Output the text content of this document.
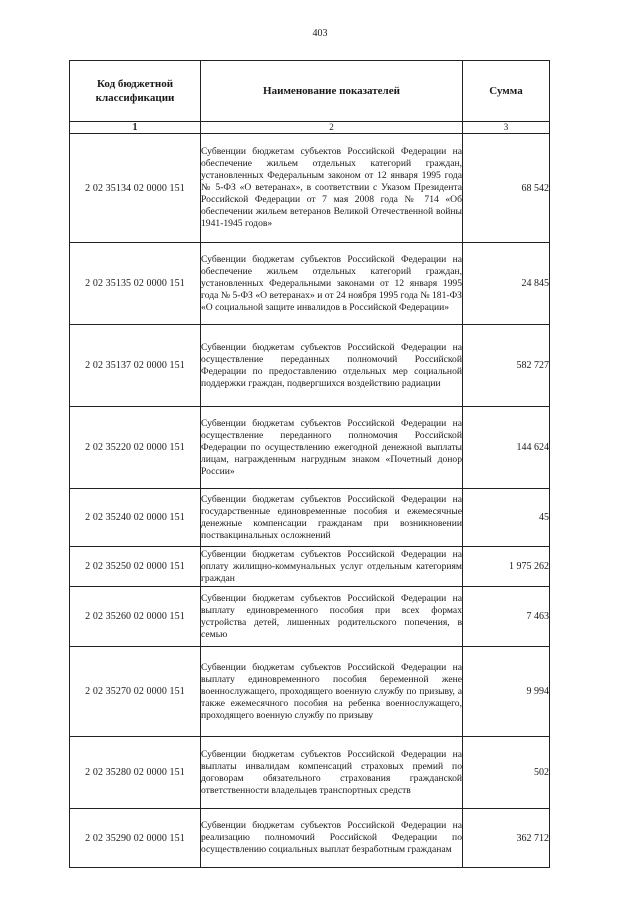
403
Код бюджетной классификации	Наименование показателей	Сумма
1	2	3
2 02 35134 02 0000 151	Субвенции бюджетам субъектов Российской Федерации на обеспечение жильем отдельных категорий граждан, установленных Федеральным законом от 12 января 1995 года № 5-ФЗ «О ветеранах», в соответствии с Указом Президента Российской Федерации от 7 мая 2008 года № 714 «Об обеспечении жильем ветеранов Великой Отечественной войны 1941-1945 годов»	68 542
2 02 35135 02 0000 151	Субвенции бюджетам субъектов Российской Федерации на обеспечение жильем отдельных категорий граждан, установленных Федеральными законами от 12 января 1995 года № 5-ФЗ «О ветеранах» и от 24 ноября 1995 года № 181-ФЗ «О социальной защите инвалидов в Российской Федерации»	24 845
2 02 35137 02 0000 151	Субвенции бюджетам субъектов Российской Федерации на осуществление переданных полномочий Российской Федерации по предоставлению отдельных мер социальной поддержки граждан, подвергшихся воздействию радиации	582 727
2 02 35220 02 0000 151	Субвенции бюджетам субъектов Российской Федерации на осуществление переданного полномочия Российской Федерации по осуществлению ежегодной денежной выплаты лицам, награжденным нагрудным знаком «Почетный донор России»	144 624
2 02 35240 02 0000 151	Субвенции бюджетам субъектов Российской Федерации на государственные единовременные пособия и ежемесячные денежные компенсации гражданам при возникновении поствакцинальных осложнений	45
2 02 35250 02 0000 151	Субвенции бюджетам субъектов Российской Федерации на оплату жилищно-коммунальных услуг отдельным категориям граждан	1 975 262
2 02 35260 02 0000 151	Субвенции бюджетам субъектов Российской Федерации на выплату единовременного пособия при всех формах устройства детей, лишенных родительского попечения, в семью	7 463
2 02 35270 02 0000 151	Субвенции бюджетам субъектов Российской Федерации на выплату единовременного пособия беременной жене военнослужащего, проходящего военную службу по призыву, а также ежемесячного пособия на ребенка военнослужащего, проходящего военную службу по призыву	9 994
2 02 35280 02 0000 151	Субвенции бюджетам субъектов Российской Федерации на выплаты инвалидам компенсаций страховых премий по договорам обязательного страхования гражданской ответственности владельцев транспортных средств	502
2 02 35290 02 0000 151	Субвенции бюджетам субъектов Российской Федерации на реализацию полномочий Российской Федерации по осуществлению социальных выплат безработным гражданам	362 712
